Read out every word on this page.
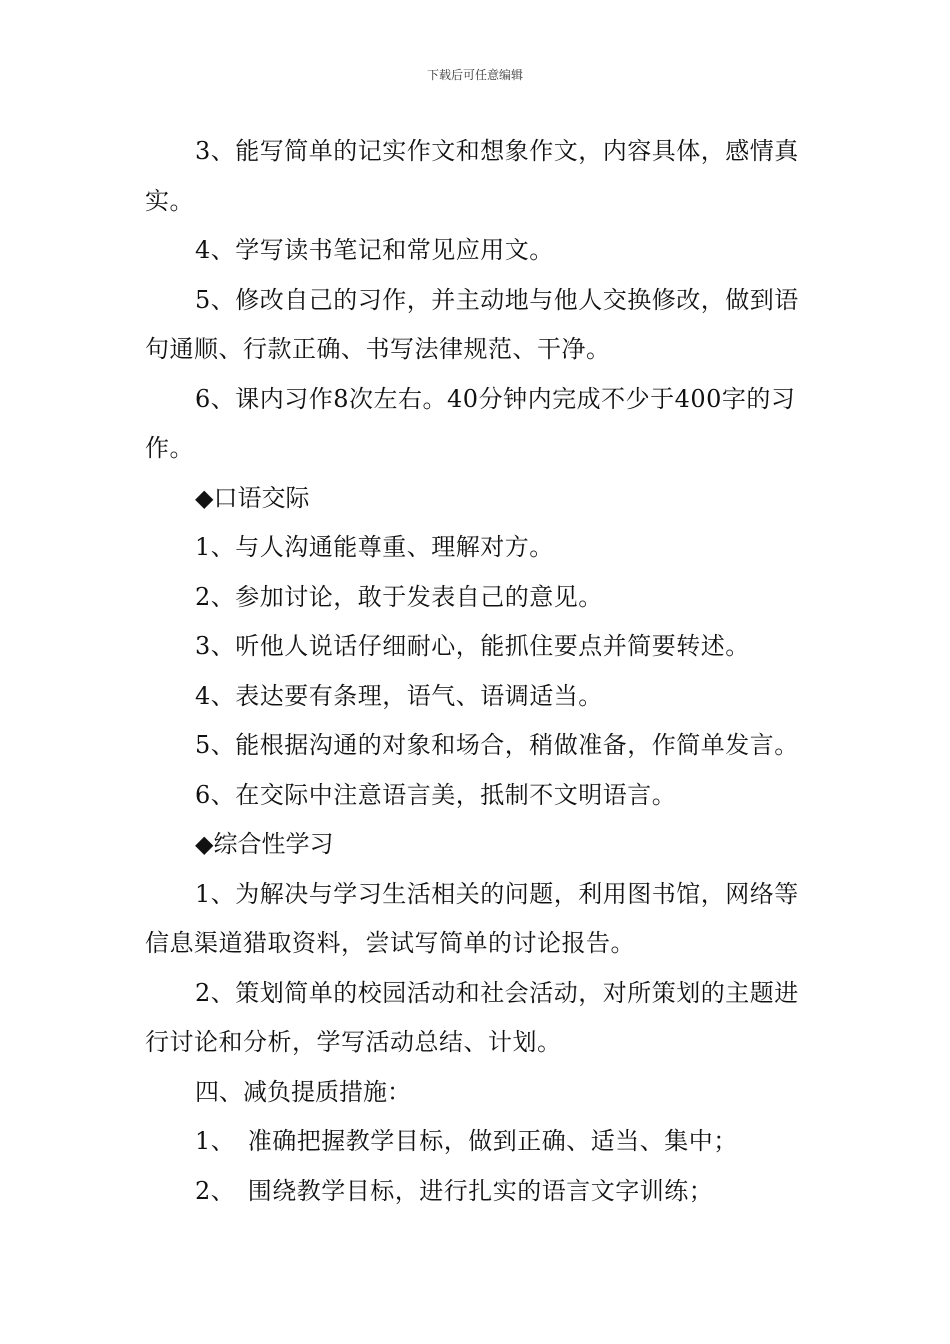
下载后可任意编辑

3、能写简单的记实作文和想象作文，内容具体，感情真实。

4、学写读书笔记和常见应用文。

5、修改自己的习作，并主动地与他人交换修改，做到语句通顺、行款正确、书写法律规范、干净。

6、课内习作8次左右。40分钟内完成不少于400字的习作。

◆口语交际

1、与人沟通能尊重、理解对方。

2、参加讨论，敢于发表自己的意见。

3、听他人说话仔细耐心，能抓住要点并简要转述。

4、表达要有条理，语气、语调适当。

5、能根据沟通的对象和场合，稍做准备，作简单发言。

6、在交际中注意语言美，抵制不文明语言。

◆综合性学习

1、为解决与学习生活相关的问题，利用图书馆，网络等信息渠道猎取资料，尝试写简单的讨论报告。

2、策划简单的校园活动和社会活动，对所策划的主题进行讨论和分析，学写活动总结、计划。

四、减负提质措施：

1、　准确把握教学目标，做到正确、适当、集中；

2、　围绕教学目标，进行扎实的语言文字训练；
